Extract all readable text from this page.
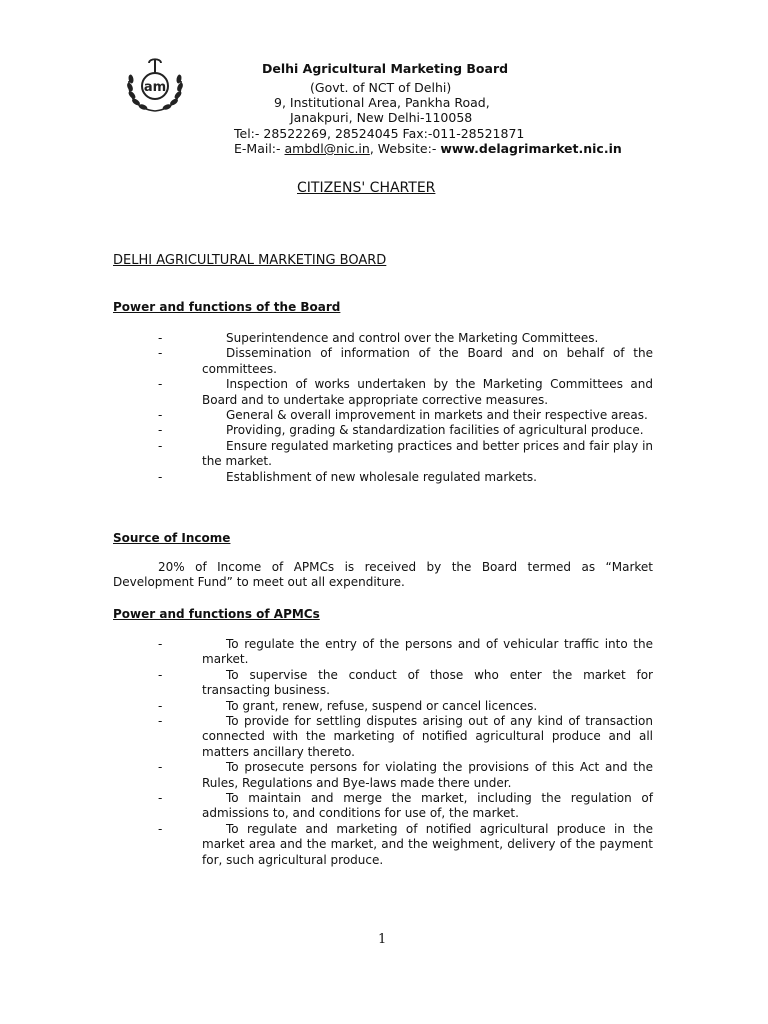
am
Delhi Agricultural Marketing Board
(Govt. of NCT of Delhi)
9, Institutional Area, Pankha Road,
Janakpuri, New Delhi-110058
Tel:- 28522269, 28524045 Fax:-011-28521871
E-Mail:- ambdl@nic.in, Website:- www.delagrimarket.nic.in
CITIZENS' CHARTER
DELHI AGRICULTURAL MARKETING BOARD
Power and functions of the Board
-	Superintendence and control over the Marketing Committees.
-	Dissemination of information of the Board and on behalf of the committees.
-	Inspection of works undertaken by the Marketing Committees and Board and to undertake appropriate corrective measures.
-	General & overall improvement in markets and their respective areas.
-	Providing, grading & standardization facilities of agricultural produce.
-	Ensure regulated marketing practices and better prices and fair play in the market.
-	Establishment of new wholesale regulated markets.
Source of Income
20% of Income of APMCs is received by the Board termed as “Market Development Fund” to meet out all expenditure.
Power and functions of APMCs
-	To regulate the entry of the persons and of vehicular traffic into the market.
-	To supervise the conduct of those who enter the market for transacting business.
-	To grant, renew, refuse, suspend or cancel licences.
-	To provide for settling disputes arising out of any kind of transaction connected with the marketing of notified agricultural produce and all matters ancillary thereto.
-	To prosecute persons for violating the provisions of this Act and the Rules, Regulations and Bye-laws made there under.
-	To maintain and merge the market, including the regulation of admissions to, and conditions for use of, the market.
-	To regulate and marketing of notified agricultural produce in the market area and the market, and the weighment, delivery of the payment for, such agricultural produce.
1
